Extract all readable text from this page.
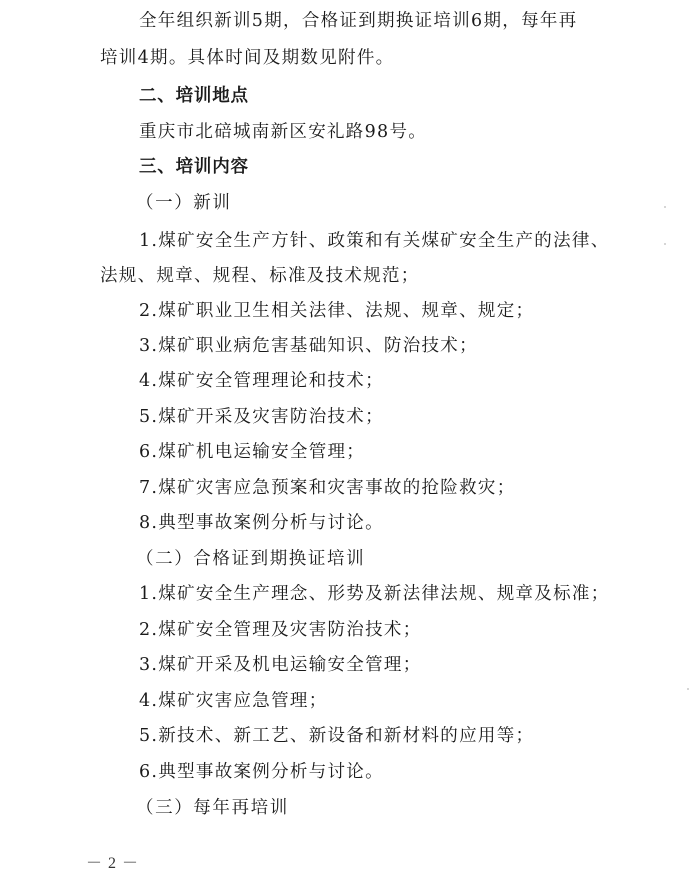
全年组织新训5期，合格证到期换证培训6期，每年再
培训4期。具体时间及期数见附件。
二、培训地点
重庆市北碚城南新区安礼路98号。
三、培训内容
（一）新训
1.煤矿安全生产方针、政策和有关煤矿安全生产的法律、
法规、规章、规程、标准及技术规范；
2.煤矿职业卫生相关法律、法规、规章、规定；
3.煤矿职业病危害基础知识、防治技术；
4.煤矿安全管理理论和技术；
5.煤矿开采及灾害防治技术；
6.煤矿机电运输安全管理；
7.煤矿灾害应急预案和灾害事故的抢险救灾；
8.典型事故案例分析与讨论。
（二）合格证到期换证培训
1.煤矿安全生产理念、形势及新法律法规、规章及标准；
2.煤矿安全管理及灾害防治技术；
3.煤矿开采及机电运输安全管理；
4.煤矿灾害应急管理；
5.新技术、新工艺、新设备和新材料的应用等；
6.典型事故案例分析与讨论。
（三）每年再培训
－ 2 －
